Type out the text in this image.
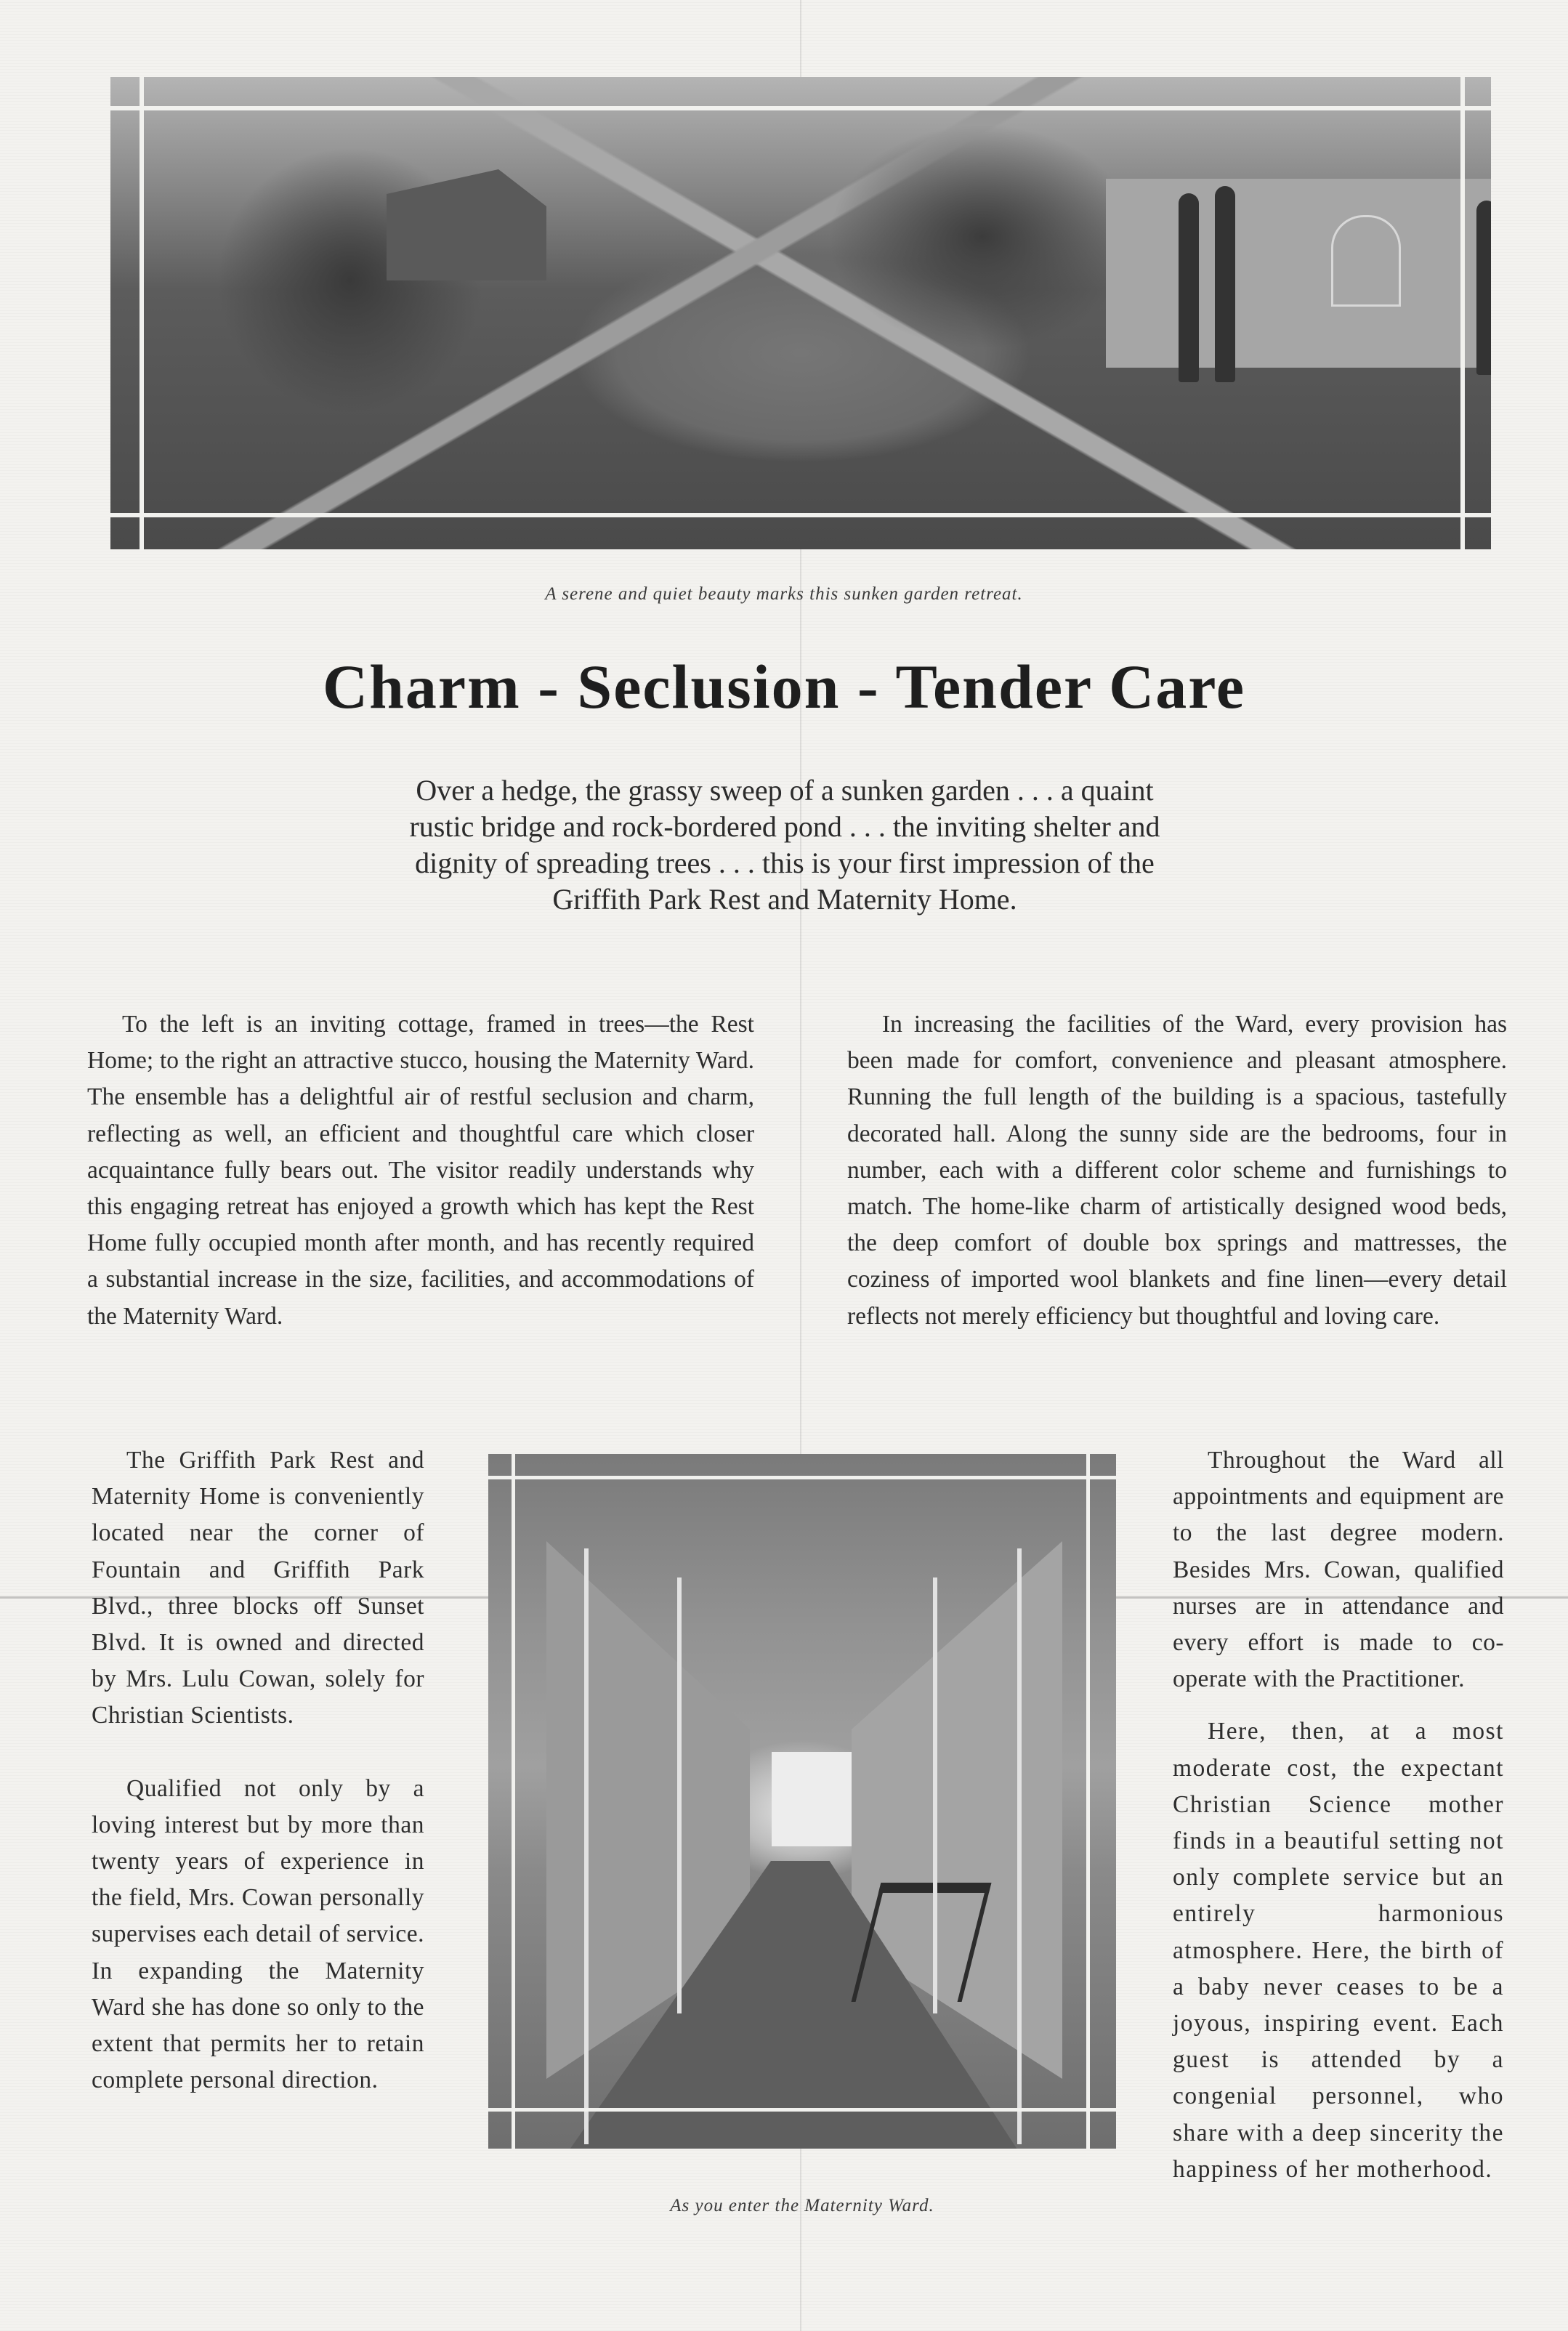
A serene and quiet beauty marks this sunken garden retreat.
Charm - Seclusion - Tender Care
Over a hedge, the grassy sweep of a sunken garden . . . a quaint rustic bridge and rock-bordered pond . . . the inviting shelter and dignity of spreading trees . . . this is your first impression of the Griffith Park Rest and Maternity Home.

To the left is an inviting cottage, framed in trees—the Rest Home; to the right an attractive stucco, housing the Maternity Ward. The ensemble has a delightful air of restful seclusion and charm, reflecting as well, an efficient and thoughtful care which closer acquaintance fully bears out. The visitor readily understands why this engaging retreat has enjoyed a growth which has kept the Rest Home fully occupied month after month, and has recently required a substantial increase in the size, facilities, and accommodations of the Maternity Ward.

In increasing the facilities of the Ward, every provision has been made for comfort, convenience and pleasant atmosphere. Running the full length of the building is a spacious, tastefully decorated hall. Along the sunny side are the bedrooms, four in number, each with a different color scheme and furnishings to match. The home-like charm of artistically designed wood beds, the deep comfort of double box springs and mattresses, the coziness of imported wool blankets and fine linen—every detail reflects not merely efficiency but thoughtful and loving care.

The Griffith Park Rest and Maternity Home is conveniently located near the corner of Fountain and Griffith Park Blvd., three blocks off Sunset Blvd. It is owned and directed by Mrs. Lulu Cowan, solely for Christian Scientists.

Qualified not only by a loving interest but by more than twenty years of experience in the field, Mrs. Cowan personally supervises each detail of service. In expanding the Maternity Ward she has done so only to the extent that permits her to retain complete personal direction.

As you enter the Maternity Ward.

Throughout the Ward all appointments and equipment are to the last degree modern. Besides Mrs. Cowan, qualified nurses are in attendance and every effort is made to co-operate with the Practitioner.

Here, then, at a most moderate cost, the expectant Christian Science mother finds in a beautiful setting not only complete service but an entirely harmonious atmosphere. Here, the birth of a baby never ceases to be a joyous, inspiring event. Each guest is attended by a congenial personnel, who share with a deep sincerity the happiness of her motherhood.
